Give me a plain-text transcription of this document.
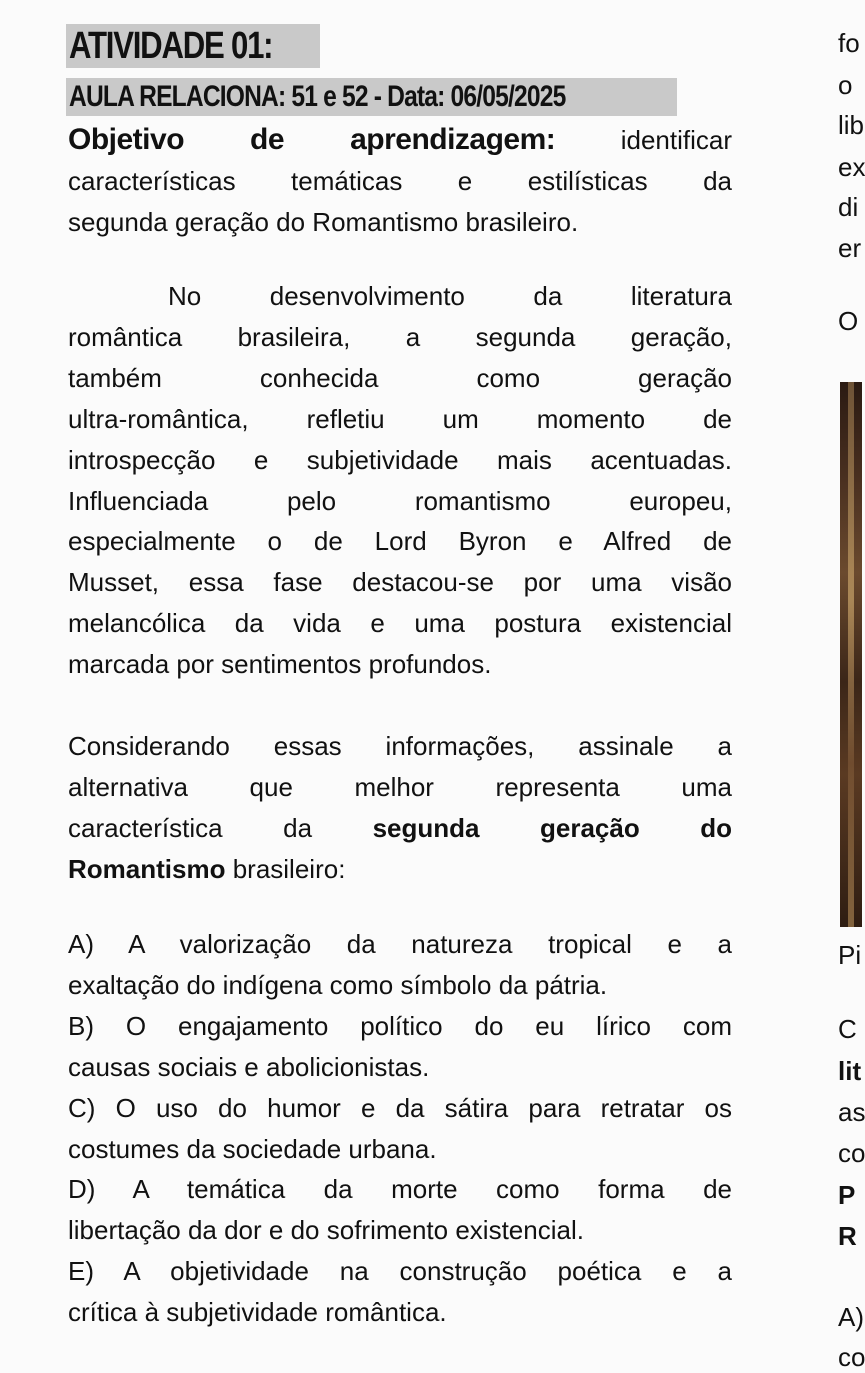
ATIVIDADE 01:
AULA RELACIONA: 51 e 52 - Data: 06/05/2025

Objetivo de aprendizagem:	identificar

características temáticas e estilísticas da

segunda geração do Romantismo brasileiro.

No desenvolvimento da literatura

romântica brasileira, a segunda geração,

também conhecida como geração

ultra-romântica, refletiu um momento de

introspecção e subjetividade mais acentuadas.

Influenciada pelo romantismo europeu,

especialmente o de Lord Byron e Alfred de

Musset, essa fase destacou-se por uma visão

melancólica da vida e uma postura existencial

marcada por sentimentos profundos.

Considerando essas informações, assinale a

alternativa que melhor representa uma

característica da segunda geração do

Romantismo brasileiro:

A) A valorização da natureza tropical e a

exaltação do indígena como símbolo da pátria.

B) O engajamento político do eu lírico com

causas sociais e abolicionistas.

C) O uso do humor e da sátira para retratar os

costumes da sociedade urbana.

D) A temática da morte como forma de

libertação da dor e do sofrimento existencial.

E) A objetividade na construção poética e a

crítica à subjetividade romântica.

fo
o
lib
ex
di
er
O
Pi
C
lit
as
co
P
R
A)
co
